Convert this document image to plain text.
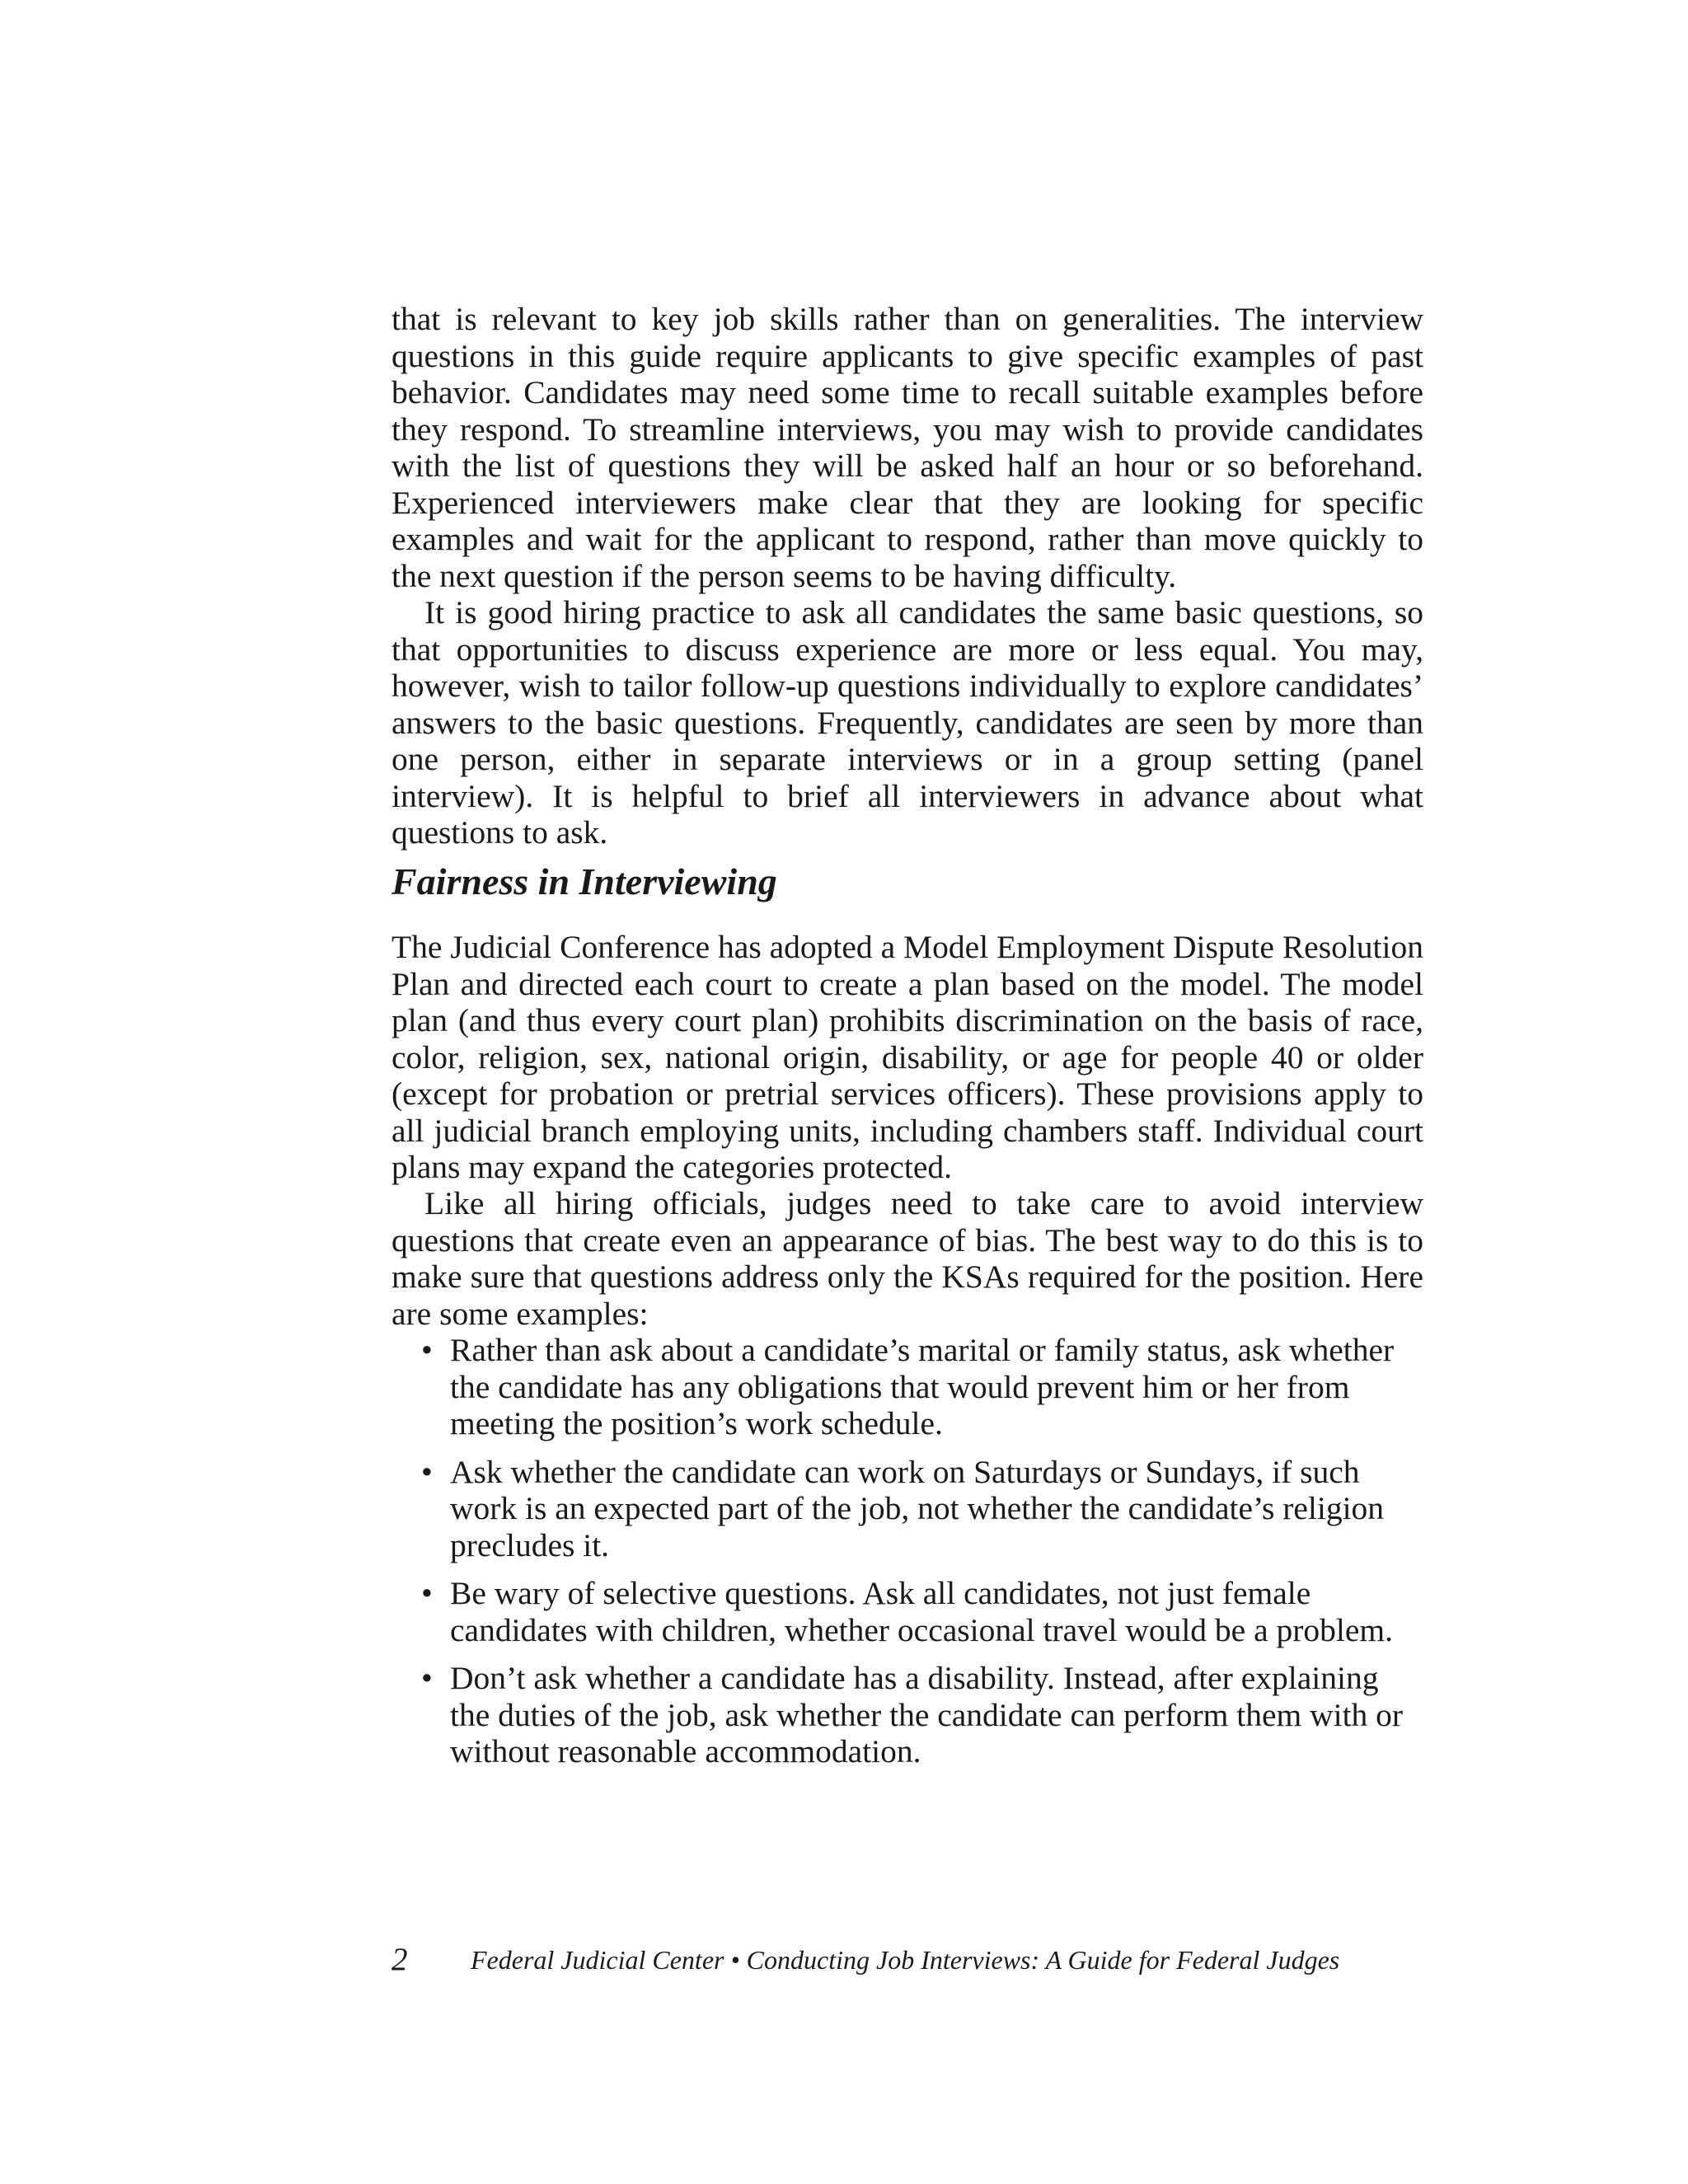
that is relevant to key job skills rather than on generalities. The interview questions in this guide require applicants to give specific examples of past behavior. Candidates may need some time to recall suitable examples before they respond. To streamline interviews, you may wish to provide candidates with the list of questions they will be asked half an hour or so beforehand. Experienced interviewers make clear that they are looking for specific examples and wait for the applicant to respond, rather than move quickly to the next question if the person seems to be having difficulty.

It is good hiring practice to ask all candidates the same basic questions, so that opportunities to discuss experience are more or less equal. You may, however, wish to tailor follow-up questions individually to explore candidates’ answers to the basic questions. Frequently, candidates are seen by more than one person, either in separate interviews or in a group setting (panel interview). It is helpful to brief all interviewers in advance about what questions to ask.

Fairness in Interviewing

The Judicial Conference has adopted a Model Employment Dispute Resolution Plan and directed each court to create a plan based on the model. The model plan (and thus every court plan) prohibits discrimination on the basis of race, color, religion, sex, national origin, disability, or age for people 40 or older (except for probation or pretrial services officers). These provisions apply to all judicial branch employing units, including chambers staff. Individual court plans may expand the categories protected.

Like all hiring officials, judges need to take care to avoid interview questions that create even an appearance of bias. The best way to do this is to make sure that questions address only the KSAs required for the position. Here are some examples:

• Rather than ask about a candidate’s marital or family status, ask whether the candidate has any obligations that would prevent him or her from meeting the position’s work schedule.
• Ask whether the candidate can work on Saturdays or Sundays, if such work is an expected part of the job, not whether the candidate’s religion precludes it.
• Be wary of selective questions. Ask all candidates, not just female candidates with children, whether occasional travel would be a problem.
• Don’t ask whether a candidate has a disability. Instead, after explaining the duties of the job, ask whether the candidate can perform them with or without reasonable accommodation.
2 Federal Judicial Center • Conducting Job Interviews: A Guide for Federal Judges
